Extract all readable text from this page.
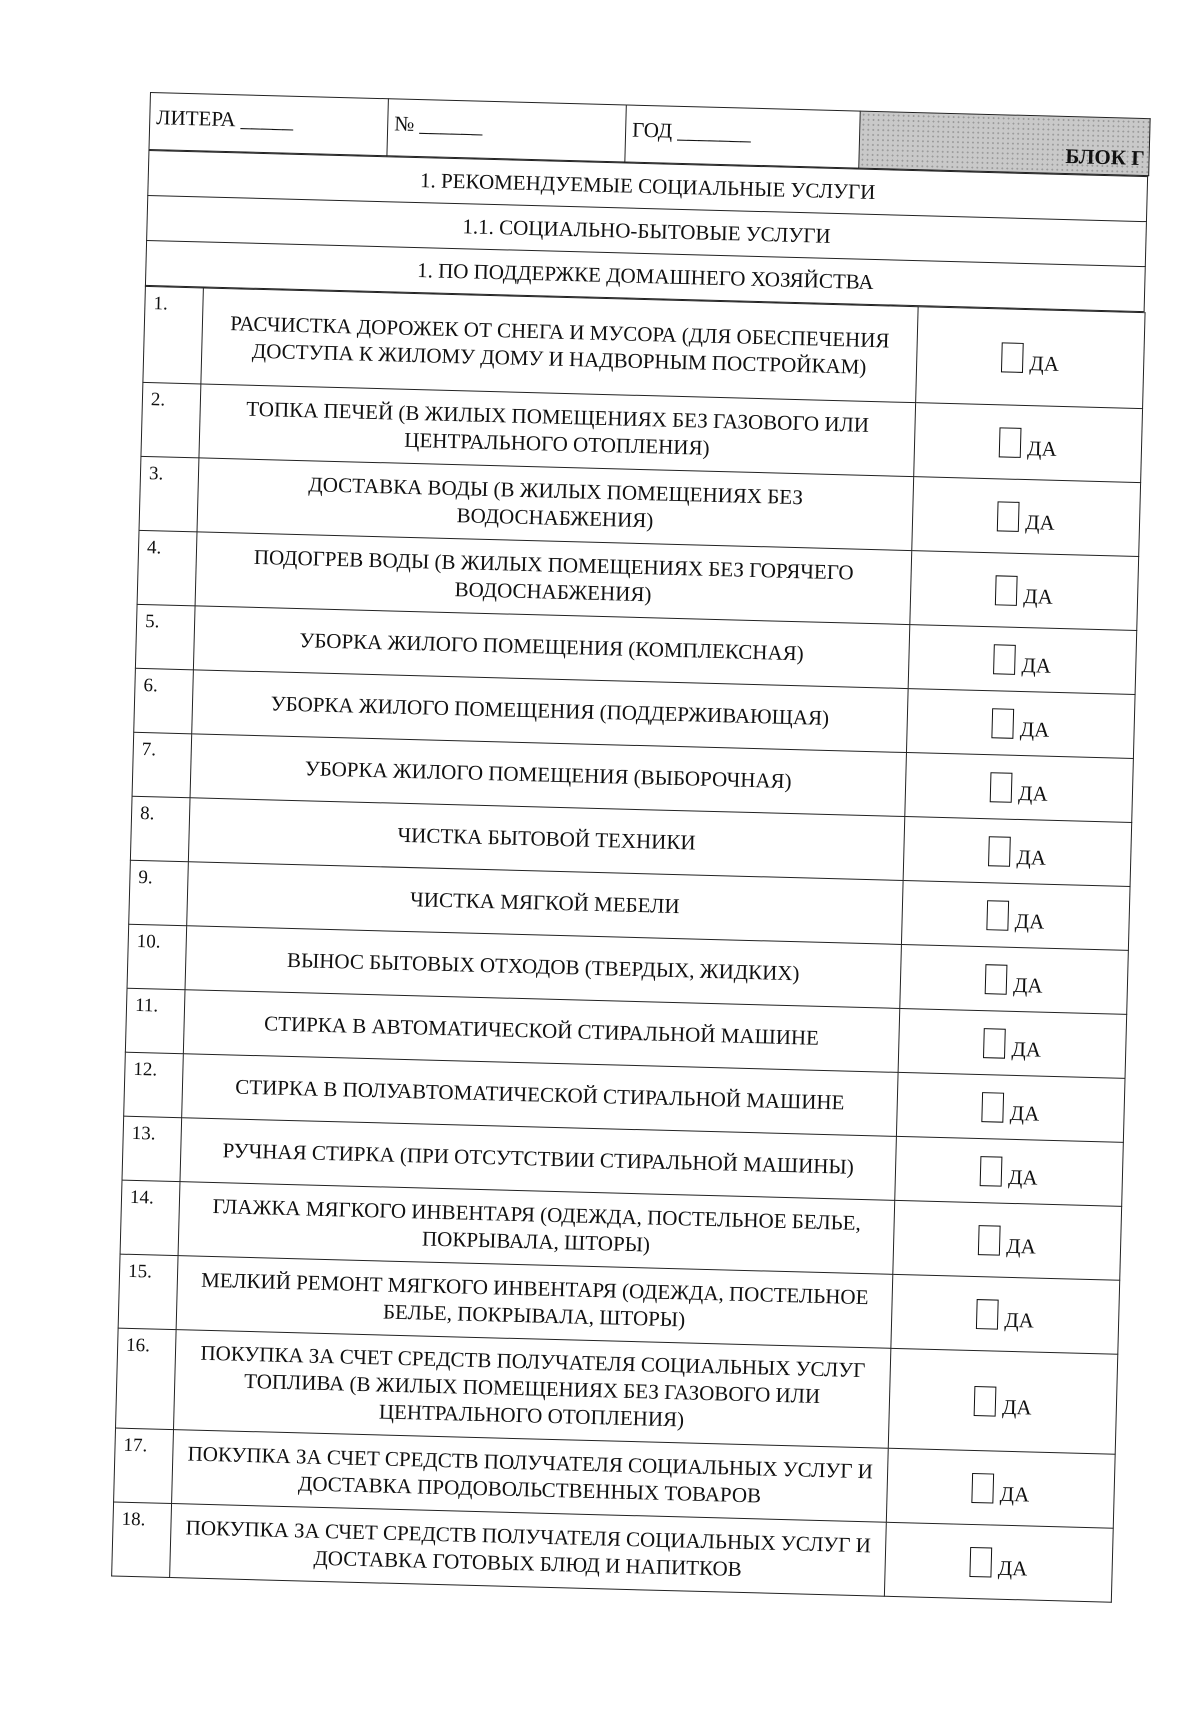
ЛИТЕРА _____	№ ______	ГОД _______	БЛОК Г
1. РЕКОМЕНДУЕМЫЕ СОЦИАЛЬНЫЕ УСЛУГИ
1.1. СОЦИАЛЬНО-БЫТОВЫЕ УСЛУГИ
1. ПО ПОДДЕРЖКЕ ДОМАШНЕГО ХОЗЯЙСТВА
1.	РАСЧИСТКА ДОРОЖЕК ОТ СНЕГА И МУСОРА (ДЛЯ ОБЕСПЕЧЕНИЯ ДОСТУПА К ЖИЛОМУ ДОМУ И НАДВОРНЫМ ПОСТРОЙКАМ)	ДА
2.	ТОПКА ПЕЧЕЙ (В ЖИЛЫХ ПОМЕЩЕНИЯХ БЕЗ ГАЗОВОГО ИЛИ ЦЕНТРАЛЬНОГО ОТОПЛЕНИЯ)	ДА
3.	ДОСТАВКА ВОДЫ (В ЖИЛЫХ ПОМЕЩЕНИЯХ БЕЗ ВОДОСНАБЖЕНИЯ)	ДА
4.	ПОДОГРЕВ ВОДЫ (В ЖИЛЫХ ПОМЕЩЕНИЯХ БЕЗ ГОРЯЧЕГО ВОДОСНАБЖЕНИЯ)	ДА
5.	УБОРКА ЖИЛОГО ПОМЕЩЕНИЯ (КОМПЛЕКСНАЯ)	ДА
6.	УБОРКА ЖИЛОГО ПОМЕЩЕНИЯ (ПОДДЕРЖИВАЮЩАЯ)	ДА
7.	УБОРКА ЖИЛОГО ПОМЕЩЕНИЯ (ВЫБОРОЧНАЯ)	ДА
8.	ЧИСТКА БЫТОВОЙ ТЕХНИКИ	ДА
9.	ЧИСТКА МЯГКОЙ МЕБЕЛИ	ДА
10.	ВЫНОС БЫТОВЫХ ОТХОДОВ (ТВЕРДЫХ, ЖИДКИХ)	ДА
11.	СТИРКА В АВТОМАТИЧЕСКОЙ СТИРАЛЬНОЙ МАШИНЕ	ДА
12.	СТИРКА В ПОЛУАВТОМАТИЧЕСКОЙ СТИРАЛЬНОЙ МАШИНЕ	ДА
13.	РУЧНАЯ СТИРКА (ПРИ ОТСУТСТВИИ СТИРАЛЬНОЙ МАШИНЫ)	ДА
14.	ГЛАЖКА МЯГКОГО ИНВЕНТАРЯ (ОДЕЖДА, ПОСТЕЛЬНОЕ БЕЛЬЕ, ПОКРЫВАЛА, ШТОРЫ)	ДА
15.	МЕЛКИЙ РЕМОНТ МЯГКОГО ИНВЕНТАРЯ (ОДЕЖДА, ПОСТЕЛЬНОЕ БЕЛЬЕ, ПОКРЫВАЛА, ШТОРЫ)	ДА
16.	ПОКУПКА ЗА СЧЕТ СРЕДСТВ ПОЛУЧАТЕЛЯ СОЦИАЛЬНЫХ УСЛУГ ТОПЛИВА (В ЖИЛЫХ ПОМЕЩЕНИЯХ БЕЗ ГАЗОВОГО ИЛИ ЦЕНТРАЛЬНОГО ОТОПЛЕНИЯ)	ДА
17.	ПОКУПКА ЗА СЧЕТ СРЕДСТВ ПОЛУЧАТЕЛЯ СОЦИАЛЬНЫХ УСЛУГ И ДОСТАВКА ПРОДОВОЛЬСТВЕННЫХ ТОВАРОВ	ДА
18.	ПОКУПКА ЗА СЧЕТ СРЕДСТВ ПОЛУЧАТЕЛЯ СОЦИАЛЬНЫХ УСЛУГ И ДОСТАВКА ГОТОВЫХ БЛЮД И НАПИТКОВ	ДА
